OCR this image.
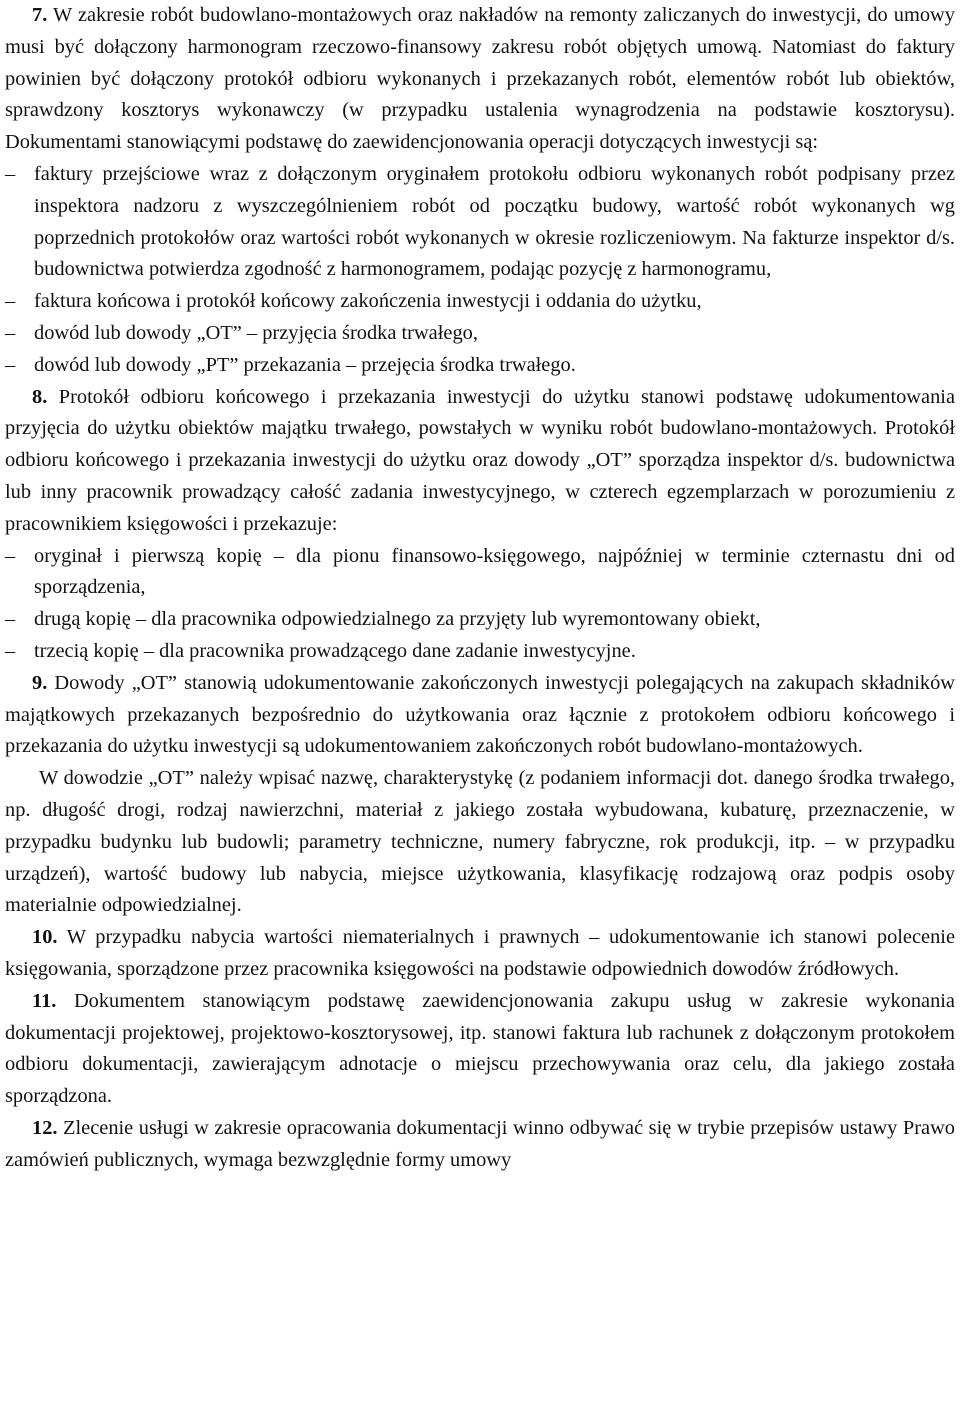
7. W zakresie robót budowlano-montażowych oraz nakładów na remonty zaliczanych do inwestycji, do umowy musi być dołączony harmonogram rzeczowo-finansowy zakresu robót objętych umową. Natomiast do faktury powinien być dołączony protokół odbioru wykonanych i przekazanych robót, elementów robót lub obiektów, sprawdzony kosztorys wykonawczy (w przypadku ustalenia wynagrodzenia na podstawie kosztorysu). Dokumentami stanowiącymi podstawę do zaewidencjonowania operacji dotyczących inwestycji są:

– faktury przejściowe wraz z dołączonym oryginałem protokołu odbioru wykonanych robót podpisany przez inspektora nadzoru z wyszczególnieniem robót od początku budowy, wartość robót wykonanych wg poprzednich protokołów oraz wartości robót wykonanych w okresie rozliczeniowym. Na fakturze inspektor d/s. budownictwa potwierdza zgodność z harmonogramem, podając pozycję z harmonogramu,
– faktura końcowa i protokół końcowy zakończenia inwestycji i oddania do użytku,
– dowód lub dowody „OT” – przyjęcia środka trwałego,
– dowód lub dowody „PT” przekazania – przejęcia środka trwałego.

8. Protokół odbioru końcowego i przekazania inwestycji do użytku stanowi podstawę udokumentowania przyjęcia do użytku obiektów majątku trwałego, powstałych w wyniku robót budowlano-montażowych. Protokół odbioru końcowego i przekazania inwestycji do użytku oraz dowody „OT” sporządza inspektor d/s. budownictwa lub inny pracownik prowadzący całość zadania inwestycyjnego, w czterech egzemplarzach w porozumieniu z pracownikiem księgowości i przekazuje:

– oryginał i pierwszą kopię – dla pionu finansowo-księgowego, najpóźniej w terminie czternastu dni od sporządzenia,
– drugą kopię – dla pracownika odpowiedzialnego za przyjęty lub wyremontowany obiekt,
– trzecią kopię – dla pracownika prowadzącego dane zadanie inwestycyjne.

9. Dowody „OT” stanowią udokumentowanie zakończonych inwestycji polegających na zakupach składników majątkowych przekazanych bezpośrednio do użytkowania oraz łącznie z protokołem odbioru końcowego i przekazania do użytku inwestycji są udokumentowaniem zakończonych robót budowlano-montażowych.

W dowodzie „OT” należy wpisać nazwę, charakterystykę (z podaniem informacji dot. danego środka trwałego, np. długość drogi, rodzaj nawierzchni, materiał z jakiego została wybudowana, kubaturę, przeznaczenie, w przypadku budynku lub budowli; parametry techniczne, numery fabryczne, rok produkcji, itp. – w przypadku urządzeń), wartość budowy lub nabycia, miejsce użytkowania, klasyfikację rodzajową oraz podpis osoby materialnie odpowiedzialnej.

10. W przypadku nabycia wartości niematerialnych i prawnych – udokumentowanie ich stanowi polecenie księgowania, sporządzone przez pracownika księgowości na podstawie odpowiednich dowodów źródłowych.

11. Dokumentem stanowiącym podstawę zaewidencjonowania zakupu usług w zakresie wykonania dokumentacji projektowej, projektowo-kosztorysowej, itp. stanowi faktura lub rachunek z dołączonym protokołem odbioru dokumentacji, zawierającym adnotacje o miejscu przechowywania oraz celu, dla jakiego została sporządzona.

12. Zlecenie usługi w zakresie opracowania dokumentacji winno odbywać się w trybie przepisów ustawy Prawo zamówień publicznych, wymaga bezwzględnie formy umowy
